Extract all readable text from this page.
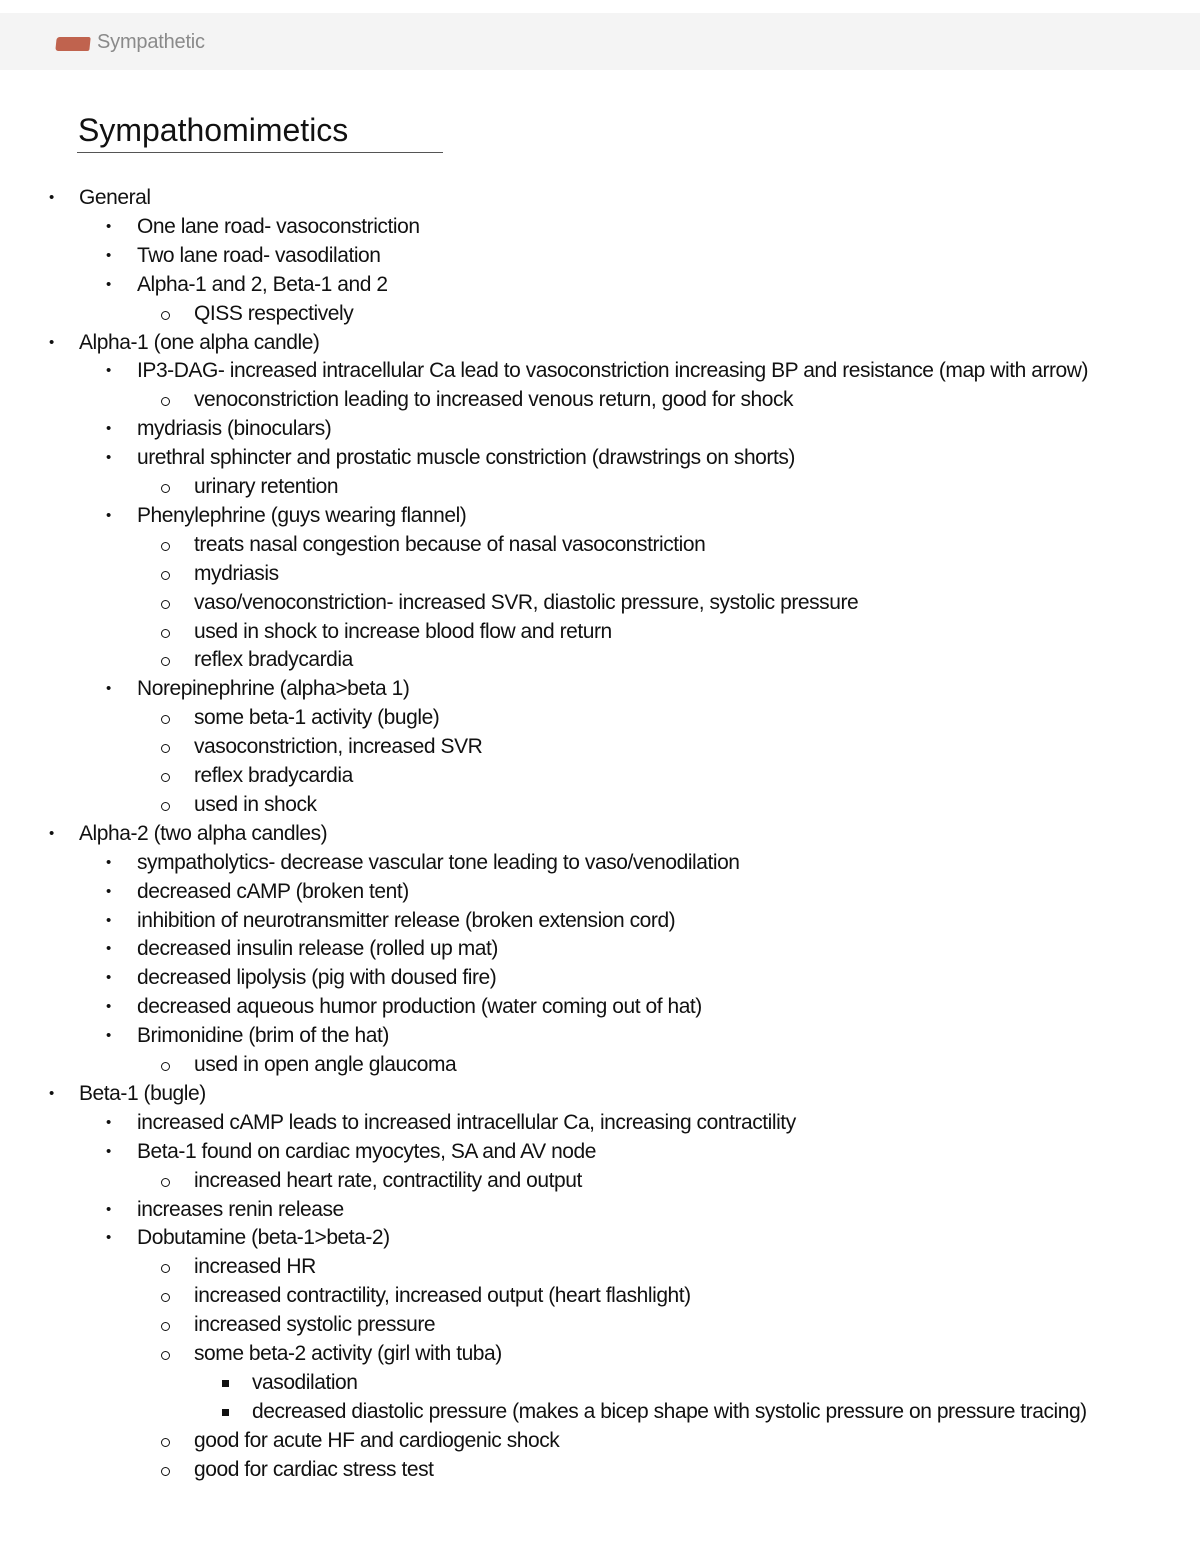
Sympathetic
Sympathomimetics
• General
• One lane road- vasoconstriction
• Two lane road- vasodilation
• Alpha-1 and 2, Beta-1 and 2
QISS respectively
• Alpha-1 (one alpha candle)
• IP3-DAG- increased intracellular Ca lead to vasoconstriction increasing BP and resistance (map with arrow)
venoconstriction leading to increased venous return, good for shock
• mydriasis (binoculars)
• urethral sphincter and prostatic muscle constriction (drawstrings on shorts)
urinary retention
• Phenylephrine (guys wearing flannel)
treats nasal congestion because of nasal vasoconstriction
mydriasis
vaso/venoconstriction- increased SVR, diastolic pressure, systolic pressure
used in shock to increase blood flow and return
reflex bradycardia
• Norepinephrine (alpha>beta 1)
some beta-1 activity (bugle)
vasoconstriction, increased SVR
reflex bradycardia
used in shock
• Alpha-2 (two alpha candles)
• sympatholytics- decrease vascular tone leading to vaso/venodilation
• decreased cAMP (broken tent)
• inhibition of neurotransmitter release (broken extension cord)
• decreased insulin release (rolled up mat)
• decreased lipolysis (pig with doused fire)
• decreased aqueous humor production (water coming out of hat)
• Brimonidine (brim of the hat)
used in open angle glaucoma
• Beta-1 (bugle)
• increased cAMP leads to increased intracellular Ca, increasing contractility
• Beta-1 found on cardiac myocytes, SA and AV node
increased heart rate, contractility and output
• increases renin release
• Dobutamine (beta-1>beta-2)
increased HR
increased contractility, increased output (heart flashlight)
increased systolic pressure
some beta-2 activity (girl with tuba)
vasodilation
decreased diastolic pressure (makes a bicep shape with systolic pressure on pressure tracing)
good for acute HF and cardiogenic shock
good for cardiac stress test
